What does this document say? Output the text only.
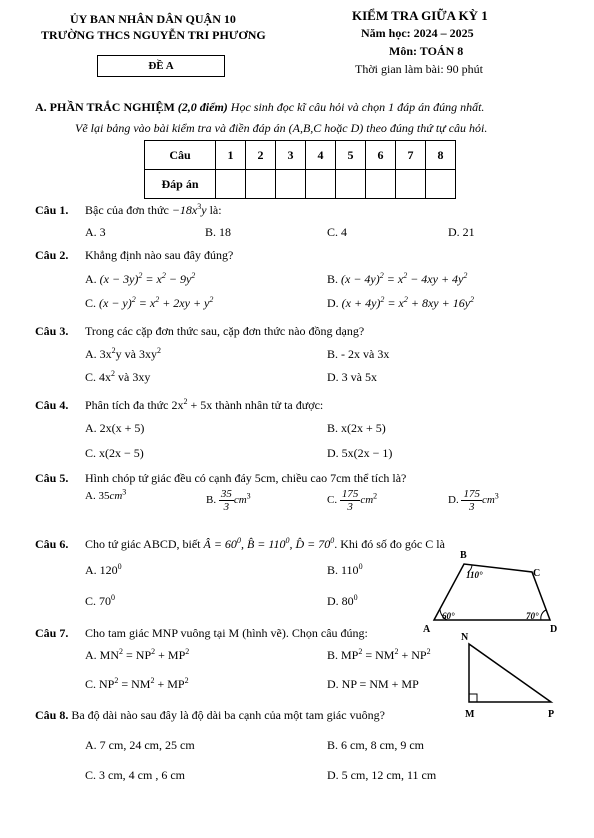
ỦY BAN NHÂN DÂN QUẬN 10
TRƯỜNG THCS NGUYỄN TRI PHƯƠNG
ĐỀ A
KIỂM TRA GIỮA KỲ 1
Năm học: 2024 – 2025
Môn: TOÁN 8
Thời gian làm bài: 90 phút
A. PHẦN TRẮC NGHIỆM (2,0 điểm) Học sinh đọc kĩ câu hỏi và chọn 1 đáp án đúng nhất.
Vẽ lại bảng vào bài kiểm tra và điền đáp án (A,B,C hoặc D) theo đúng thứ tự câu hỏi.
Câu	1	2	3	4	5	6	7	8
Đáp án								
Câu 1. Bậc của đơn thức $-18x^3y$ là:
A. 3	B. 18	C. 4	D. 21
Câu 2. Khẳng định nào sau đây đúng?
A. $(x - 3y)^2 = x^2 - 9y^2$	B. $(x - 4y)^2 = x^2 - 4xy + 4y^2$
C. $(x - y)^2 = x^2 + 2xy + y^2$	D. $(x + 4y)^2 = x^2 + 8xy + 16y^2$
Câu 3. Trong các cặp đơn thức sau, cặp đơn thức nào đồng dạng?
A. $3x^2y$ và $3xy^2$	B. - 2x và 3x
C. $4x^2$ và 3xy	D. 3 và 5x
Câu 4. Phân tích đa thức $2x^2 + 5x$ thành nhân tử ta được:
A. 2x(x + 5)	B. x(2x + 5)
C. x(2x − 5)	D. 5x(2x − 1)
Câu 5. Hình chóp tứ giác đều có cạnh đáy 5cm, chiều cao 7cm thể tích là?
A. $35cm^3$
B. $\frac{35}{3} cm^3$	C. $\frac{175}{3} cm^2$	D. $\frac{175}{3} cm^3$
Câu 6. Cho tứ giác ABCD, biết Â = $60^0$, B̂ = $110^0$, D̂ = $70^0$. Khi đó số đo góc C là
A. $120^0$	B. $110^0$
C. $70^0$	D. $80^0$
B
C
A	D
110°
60°	70°
Câu 7. Cho tam giác MNP vuông tại M (hình vẽ). Chọn câu đúng:
A. $MN^2 = NP^2 + MP^2$	B. $MP^2 = NM^2 + NP^2$
C. $NP^2 = NM^2 + MP^2$	D. NP = NM + MP
N
M	P
Câu 8. Ba độ dài nào sau đây là độ dài ba cạnh của một tam giác vuông?
A. 7 cm, 24 cm, 25 cm	B. 6 cm, 8 cm, 9 cm
C. 3 cm, 4 cm , 6 cm	D. 5 cm, 12 cm, 11 cm
